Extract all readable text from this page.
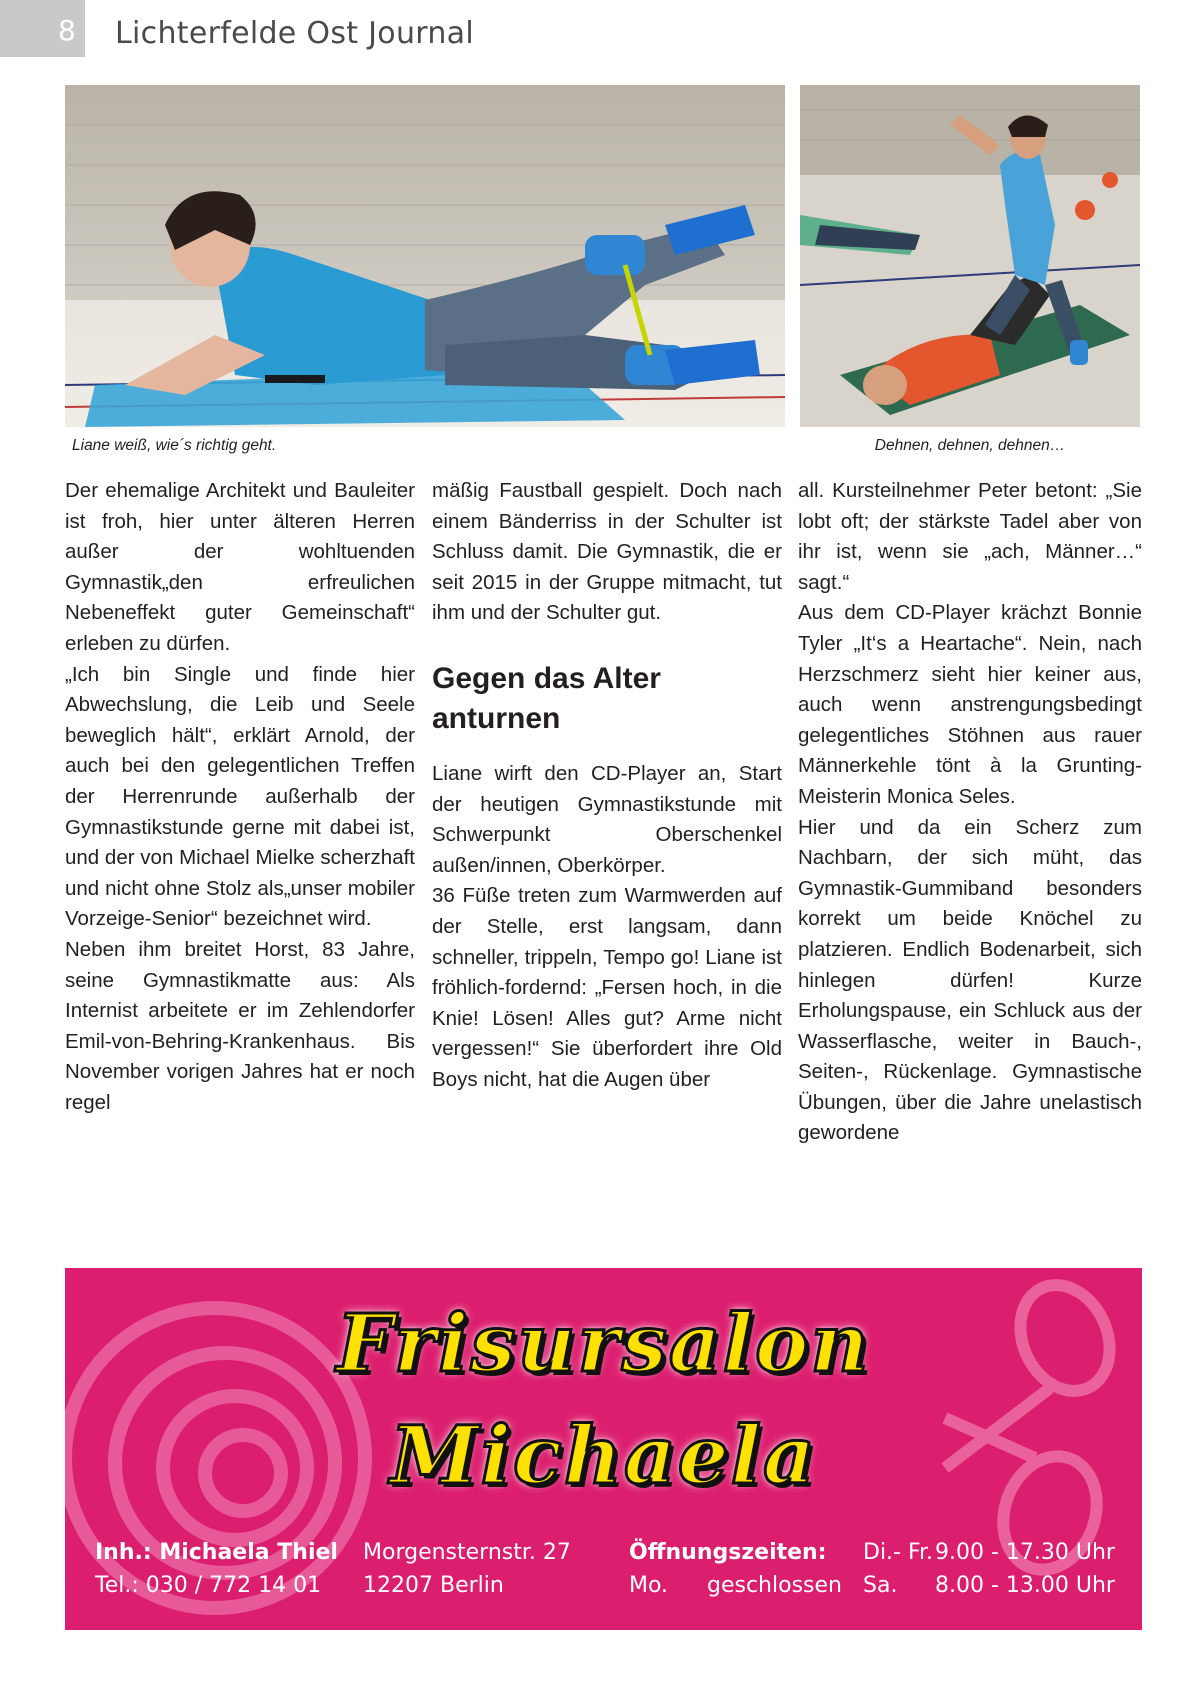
8 Lichterfelde Ost Journal
Liane weiß, wie´s richtig geht.	Dehnen, dehnen, dehnen…

Der ehemalige Architekt und Bauleiter ist froh, hier unter älteren Herren außer der wohltuenden Gymnastik„den erfreulichen Nebeneffekt guter Gemeinschaft“ erleben zu dürfen.

„Ich bin Single und finde hier Abwechslung, die Leib und Seele beweglich hält“, erklärt Arnold, der auch bei den gelegentlichen Treffen der Herrenrunde außerhalb der Gymnastikstunde gerne mit dabei ist, und der von Michael Mielke scherzhaft und nicht ohne Stolz als„unser mobiler Vorzeige-Senior“ bezeichnet wird.

Neben ihm breitet Horst, 83 Jahre, seine Gymnastikmatte aus: Als Internist arbeitete er im Zehlendorfer Emil-von-Behring-Krankenhaus. Bis November vorigen Jahres hat er noch regel

mäßig Faustball gespielt. Doch nach einem Bänderriss in der Schulter ist Schluss damit. Die Gymnastik, die er seit 2015 in der Gruppe mitmacht, tut ihm und der Schulter gut.

Gegen das Alter anturnen

Liane wirft den CD-Player an, Start der heutigen Gymnastikstunde mit Schwerpunkt Oberschenkel außen/innen, Oberkörper.

36 Füße treten zum Warmwerden auf der Stelle, erst langsam, dann schneller, trippeln, Tempo go! Liane ist fröhlich-fordernd: „Fersen hoch, in die Knie! Lösen! Alles gut? Arme nicht vergessen!“ Sie überfordert ihre Old Boys nicht, hat die Augen über

all. Kursteilnehmer Peter betont: „Sie lobt oft; der stärkste Tadel aber von ihr ist, wenn sie „ach, Männer…“ sagt.“

Aus dem CD-Player krächzt Bonnie Tyler „It‘s a Heartache“. Nein, nach Herzschmerz sieht hier keiner aus, auch wenn anstrengungsbedingt gelegentliches Stöhnen aus rauer Männerkehle tönt à la Grunting-Meisterin Monica Seles.

Hier und da ein Scherz zum Nachbarn, der sich müht, das Gymnastik-Gummiband besonders korrekt um beide Knöchel zu platzieren. Endlich Bodenarbeit, sich hinlegen dürfen! Kurze Erholungspause, ein Schluck aus der Wasserflasche, weiter in Bauch-, Seiten-, Rückenlage. Gymnastische Übungen, über die Jahre unelastisch gewordene

Frisursalon
Michaela
Inh.: Michaela Thiel
Tel.: 030 / 772 14 01
Morgensternstr. 27
12207 Berlin
Öffnungszeiten:
Mo. geschlossen
Di.- Fr.9.00 - 17.30 Uhr
Sa. 8.00 - 13.00 Uhr
